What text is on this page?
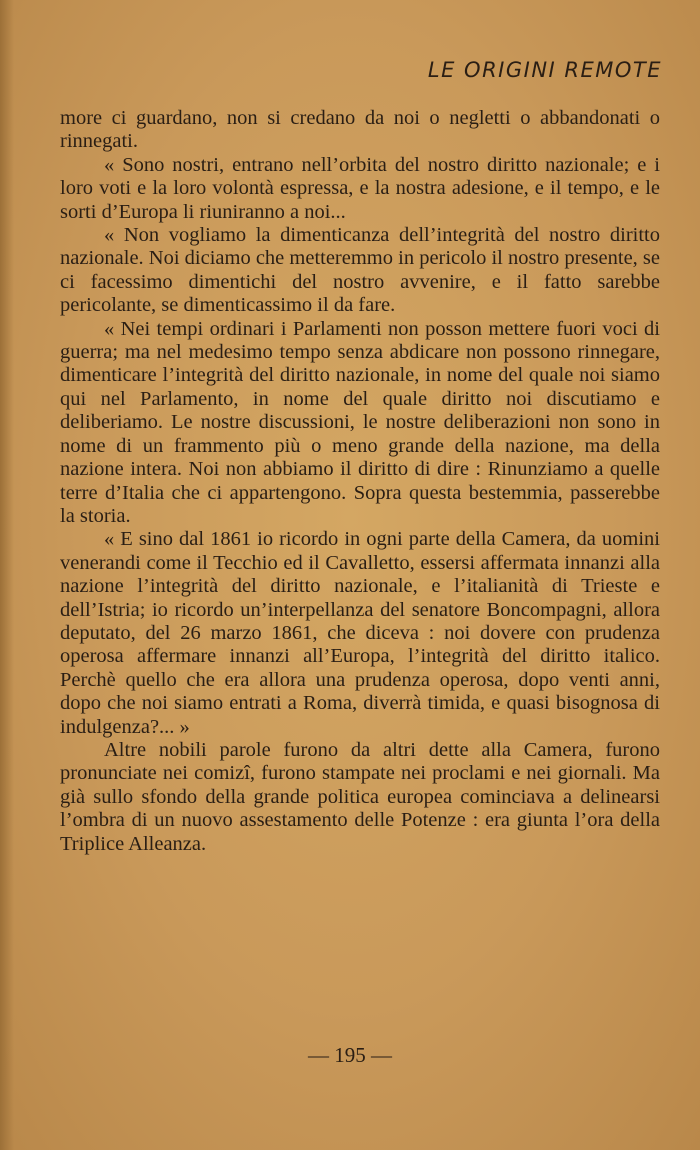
LE ORIGINI REMOTE

more ci guardano, non si credano da noi o negletti o abbandonati o rinnegati.

« Sono nostri, entrano nell’orbita del nostro diritto nazionale; e i loro voti e la loro volontà espressa, e la nostra adesione, e il tempo, e le sorti d’Europa li riuniranno a noi...

« Non vogliamo la dimenticanza dell’integrità del nostro diritto nazionale. Noi diciamo che metteremmo in pericolo il nostro presente, se ci facessimo dimentichi del nostro avvenire, e il fatto sarebbe pericolante, se dimenticassimo il da fare.

« Nei tempi ordinari i Parlamenti non posson mettere fuori voci di guerra; ma nel medesimo tempo senza abdicare non possono rinnegare, dimenticare l’integrità del diritto nazionale, in nome del quale noi siamo qui nel Parlamento, in nome del quale diritto noi discutiamo e deliberiamo. Le nostre discussioni, le nostre deliberazioni non sono in nome di un frammento più o meno grande della nazione, ma della nazione intera. Noi non abbiamo il diritto di dire : Rinunziamo a quelle terre d’Italia che ci appartengono. Sopra questa bestemmia, passerebbe la storia.

« E sino dal 1861 io ricordo in ogni parte della Camera, da uomini venerandi come il Tecchio ed il Cavalletto, essersi affermata innanzi alla nazione l’integrità del diritto nazionale, e l’italianità di Trieste e dell’Istria; io ricordo un’interpellanza del senatore Boncompagni, allora deputato, del 26 marzo 1861, che diceva : noi dovere con prudenza operosa affermare innanzi all’Europa, l’integrità del diritto italico. Perchè quello che era allora una prudenza operosa, dopo venti anni, dopo che noi siamo entrati a Roma, diverrà timida, e quasi bisognosa di indulgenza?... »

Altre nobili parole furono da altri dette alla Camera, furono pronunciate nei comizî, furono stampate nei proclami e nei giornali. Ma già sullo sfondo della grande politica europea cominciava a delinearsi l’ombra di un nuovo assestamento delle Potenze : era giunta l’ora della Triplice Alleanza.

— 195 —
